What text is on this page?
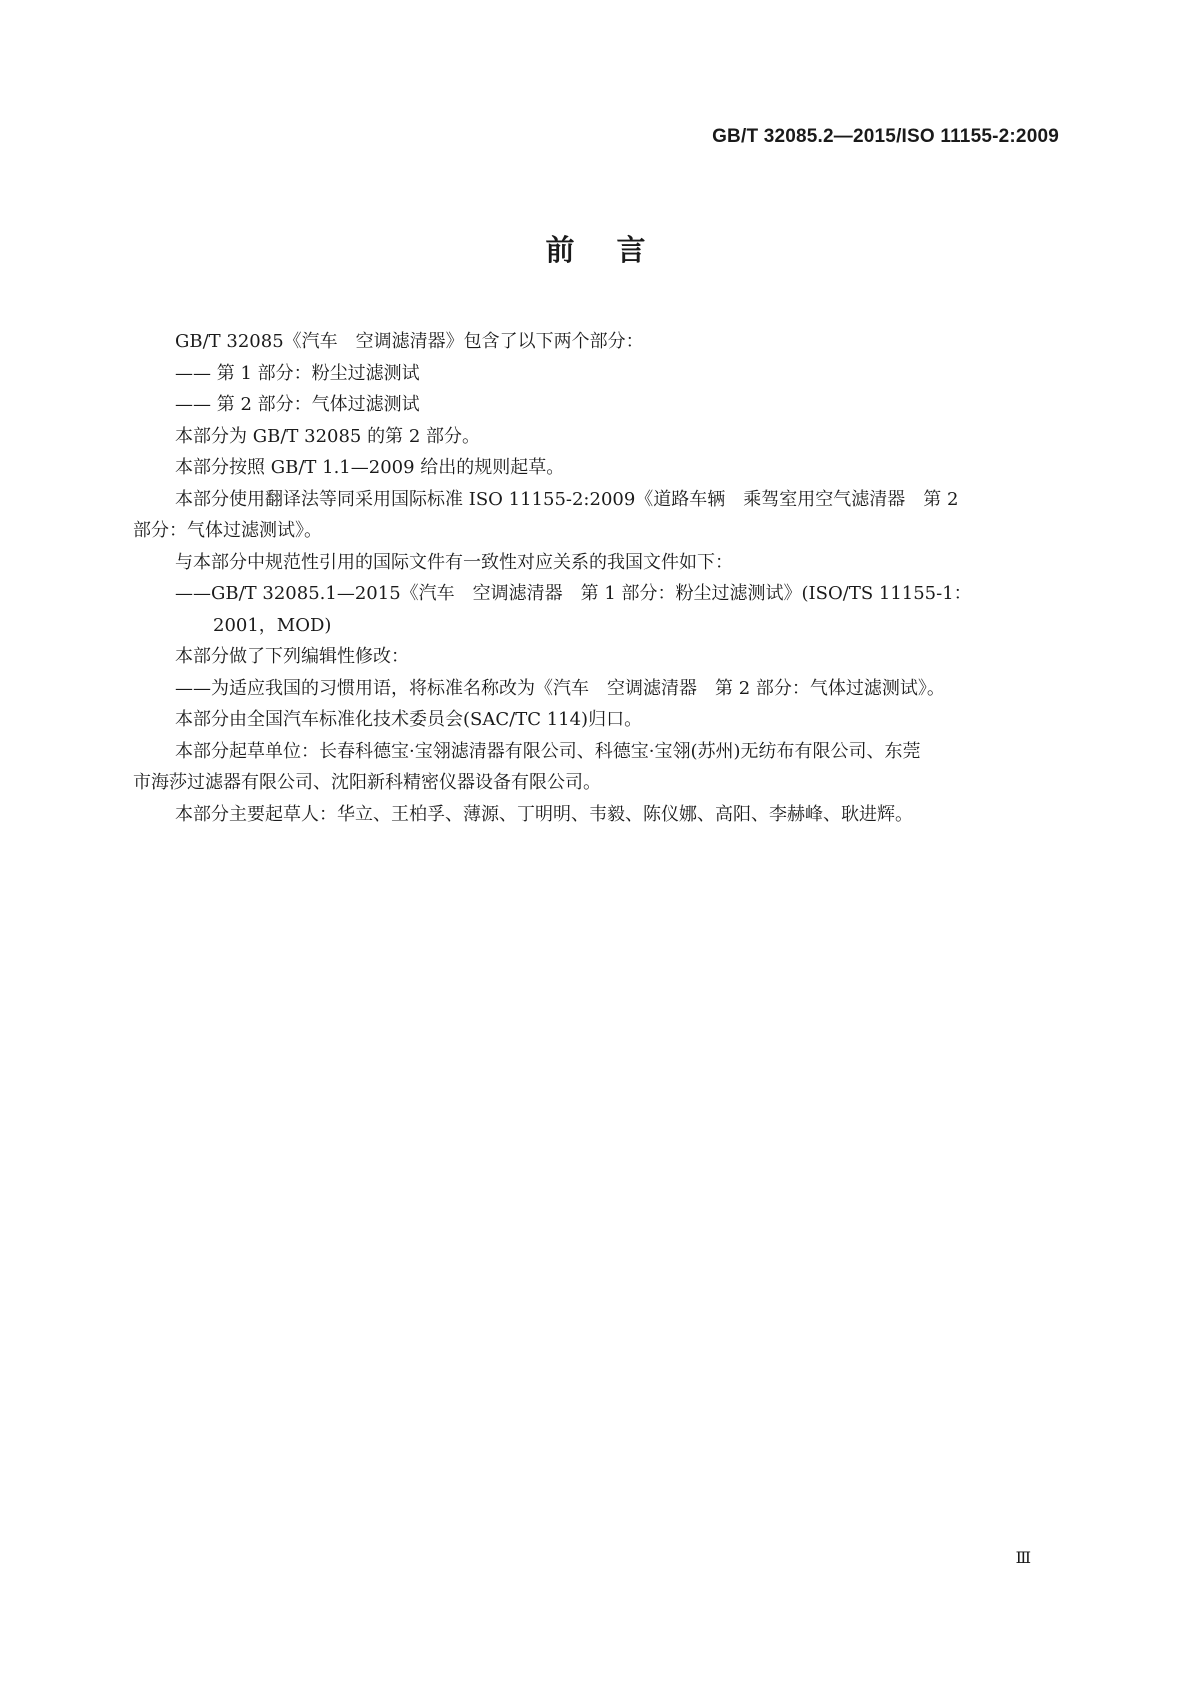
GB/T 32085.2—2015/ISO 11155-2:2009
前言

GB/T 32085《汽车　空调滤清器》包含了以下两个部分：

—— 第 1 部分：粉尘过滤测试

—— 第 2 部分：气体过滤测试

本部分为 GB/T 32085 的第 2 部分。

本部分按照 GB/T 1.1—2009 给出的规则起草。

本部分使用翻译法等同采用国际标准 ISO 11155-2:2009《道路车辆　乘驾室用空气滤清器　第 2

部分：气体过滤测试》。

与本部分中规范性引用的国际文件有一致性对应关系的我国文件如下：

——GB/T 32085.1—2015《汽车　空调滤清器　第 1 部分：粉尘过滤测试》(ISO/TS 11155-1：

2001，MOD)

本部分做了下列编辑性修改：

——为适应我国的习惯用语，将标准名称改为《汽车　空调滤清器　第 2 部分：气体过滤测试》。

本部分由全国汽车标准化技术委员会(SAC/TC 114)归口。

本部分起草单位：长春科德宝·宝翎滤清器有限公司、科德宝·宝翎(苏州)无纺布有限公司、东莞

市海莎过滤器有限公司、沈阳新科精密仪器设备有限公司。

本部分主要起草人：华立、王柏孚、薄源、丁明明、韦毅、陈仪娜、高阳、李赫峰、耿进辉。

Ⅲ
